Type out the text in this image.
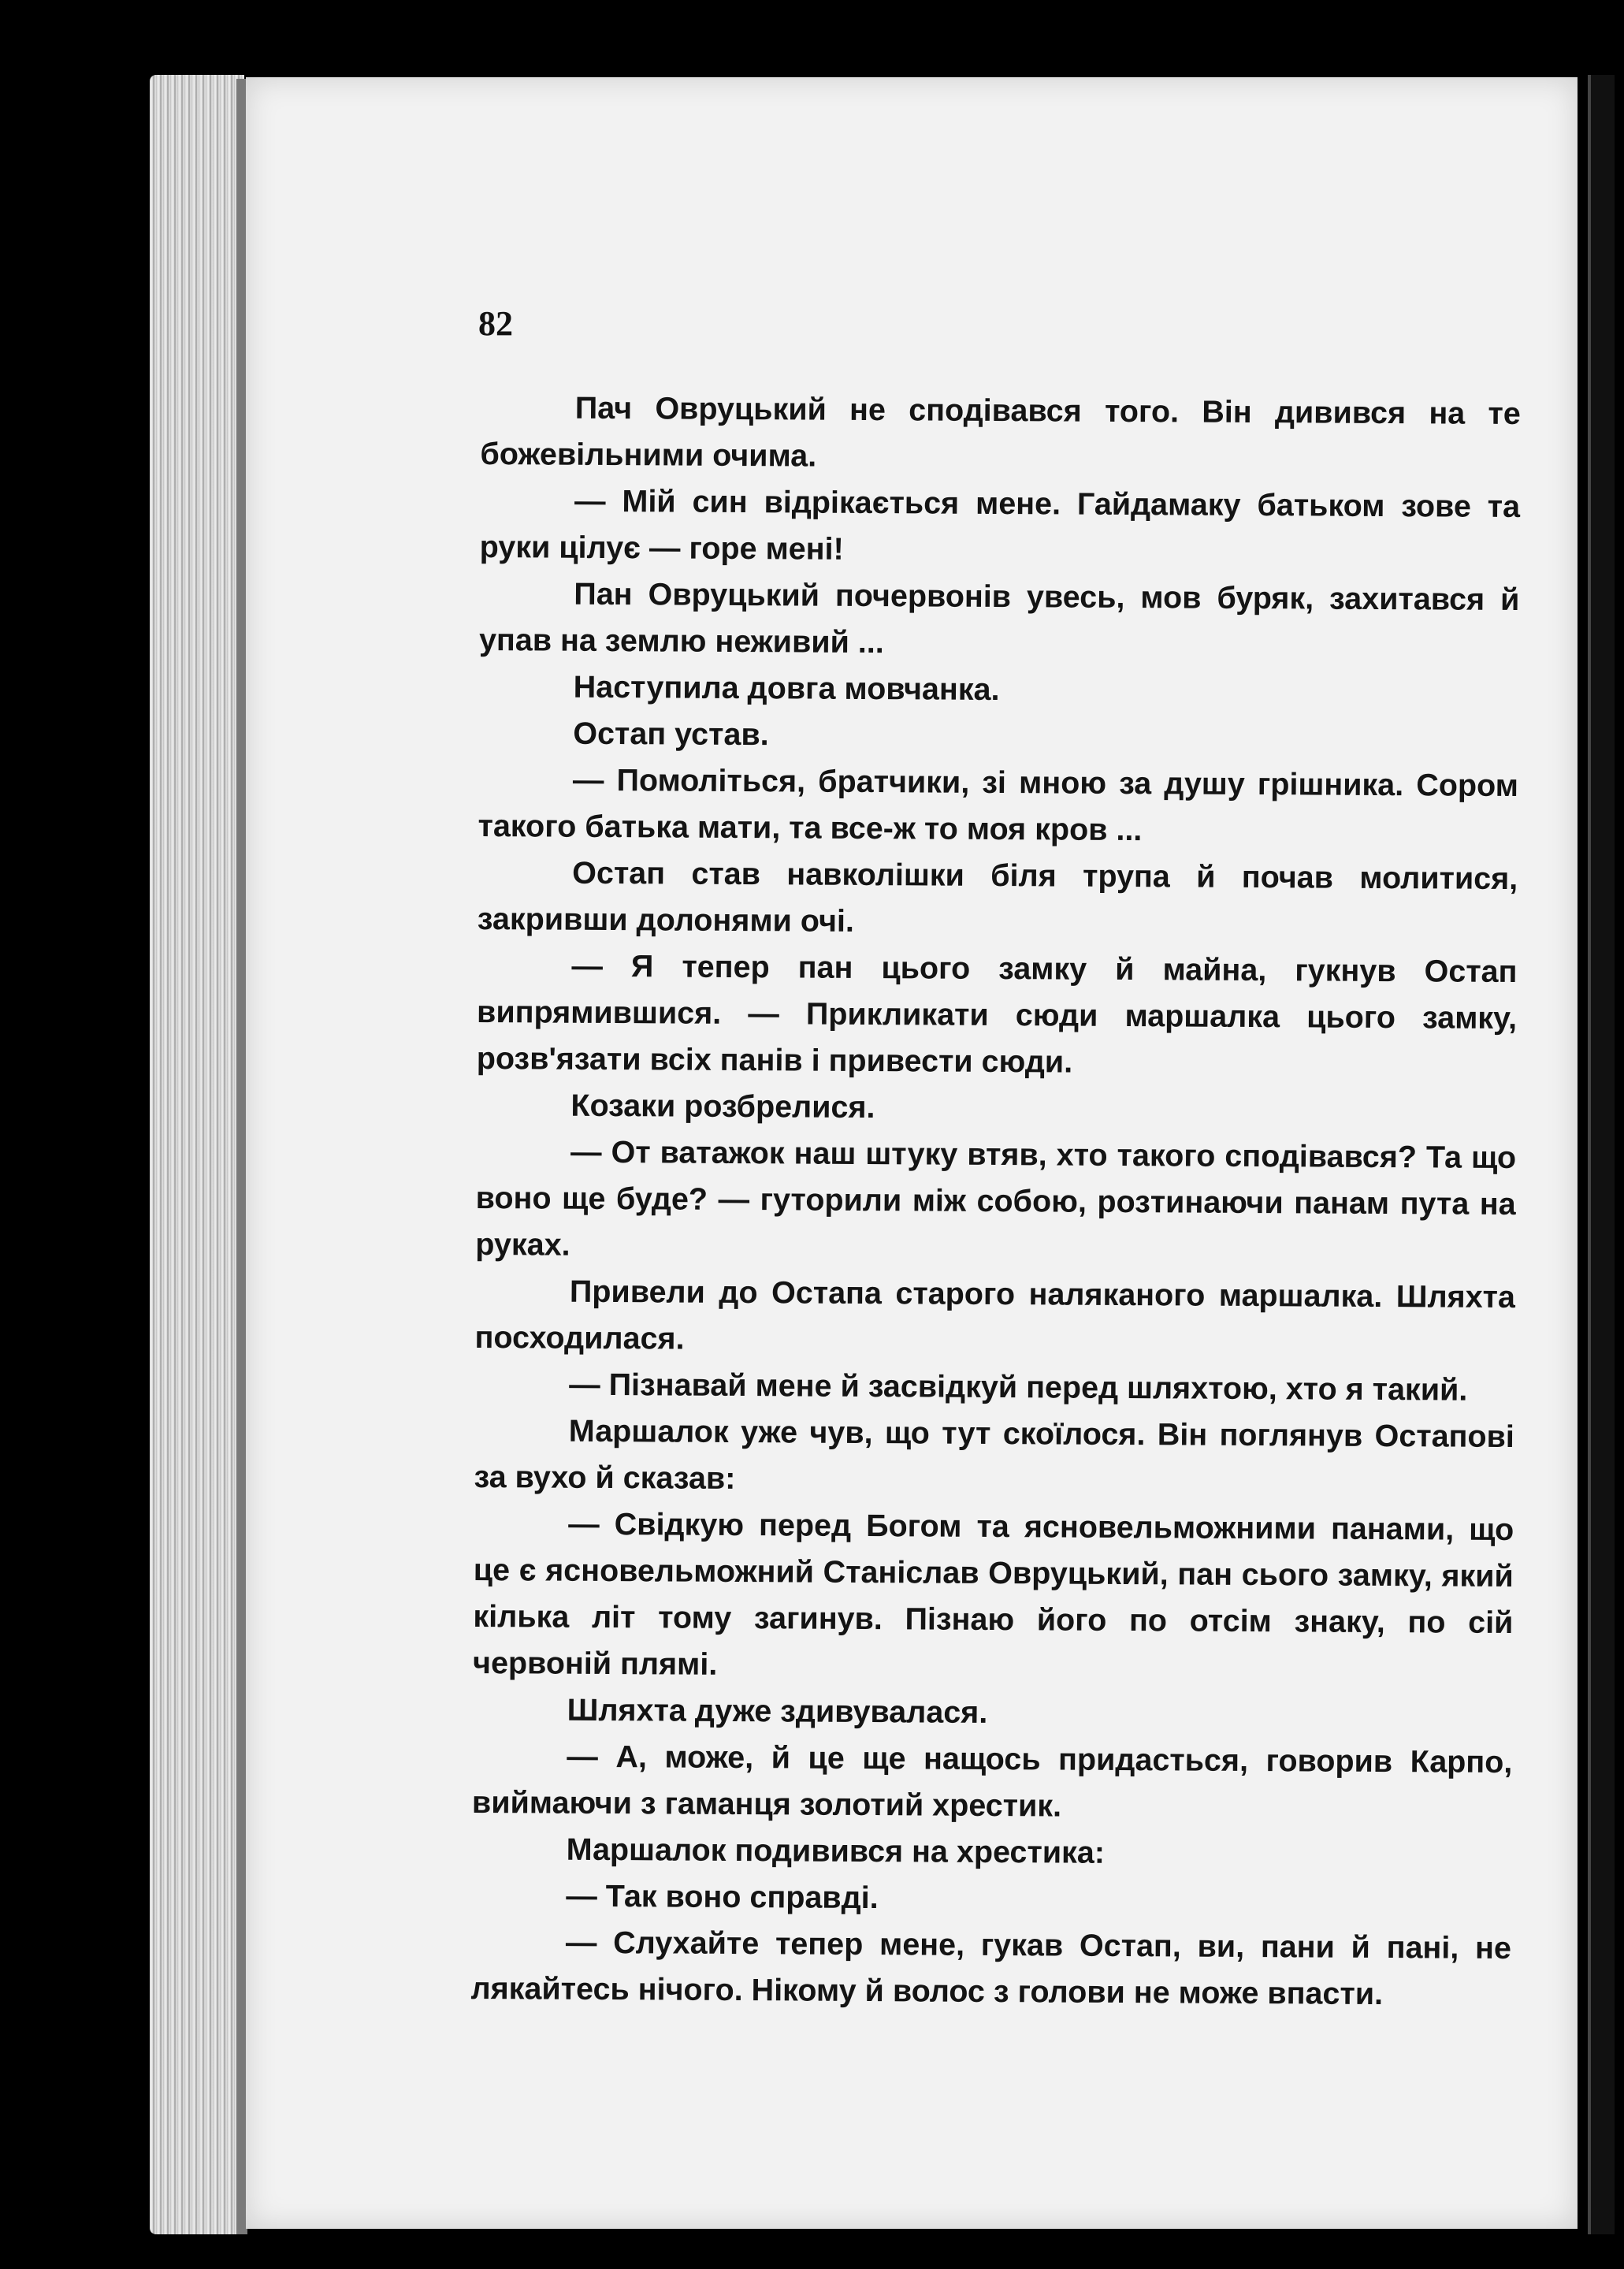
82

Пач Овруцький не сподівався того. Він дивився на те божевільними очима.

— Мій син відрікається мене. Гайдамаку батьком зове та руки цілує — горе мені!

Пан Овруцький почервонів увесь, мов буряк, захитався й упав на землю неживий ...

Наступила довга мовчанка.

Остап устав.

— Помоліться, братчики, зі мною за душу грішника. Сором такого батька мати, та все-ж то моя кров ...

Остап став навколішки біля трупа й почав молитися, закривши долонями очі.

— Я тепер пан цього замку й майна, гукнув Остап випрямившися. — Прикликати сюди маршалка цього замку, розв'язати всіх панів і привести сюди.

Козаки розбрелися.

— От ватажок наш штуку втяв, хто такого сподівався? Та що воно ще буде? — гуторили між собою, розтинаючи панам пута на руках.

Привели до Остапа старого наляканого маршалка. Шляхта посходилася.

— Пізнавай мене й засвідкуй перед шляхтою, хто я такий.

Маршалок уже чув, що тут скоїлося. Він поглянув Остапові за вухо й сказав:

— Свідкую перед Богом та ясновельможними панами, що це є ясновельможний Станіслав Овруцький, пан сього замку, який кілька літ тому загинув. Пізнаю його по отсім знаку, по сій червоній плямі.

Шляхта дуже здивувалася.

— А, може, й це ще нащось придасться, говорив Карпо, виймаючи з гаманця золотий хрестик.

Маршалок подивився на хрестика:

— Так воно справді.

— Слухайте тепер мене, гукав Остап, ви, пани й пані, не лякайтесь нічого. Нікому й волос з голови не може впасти.
